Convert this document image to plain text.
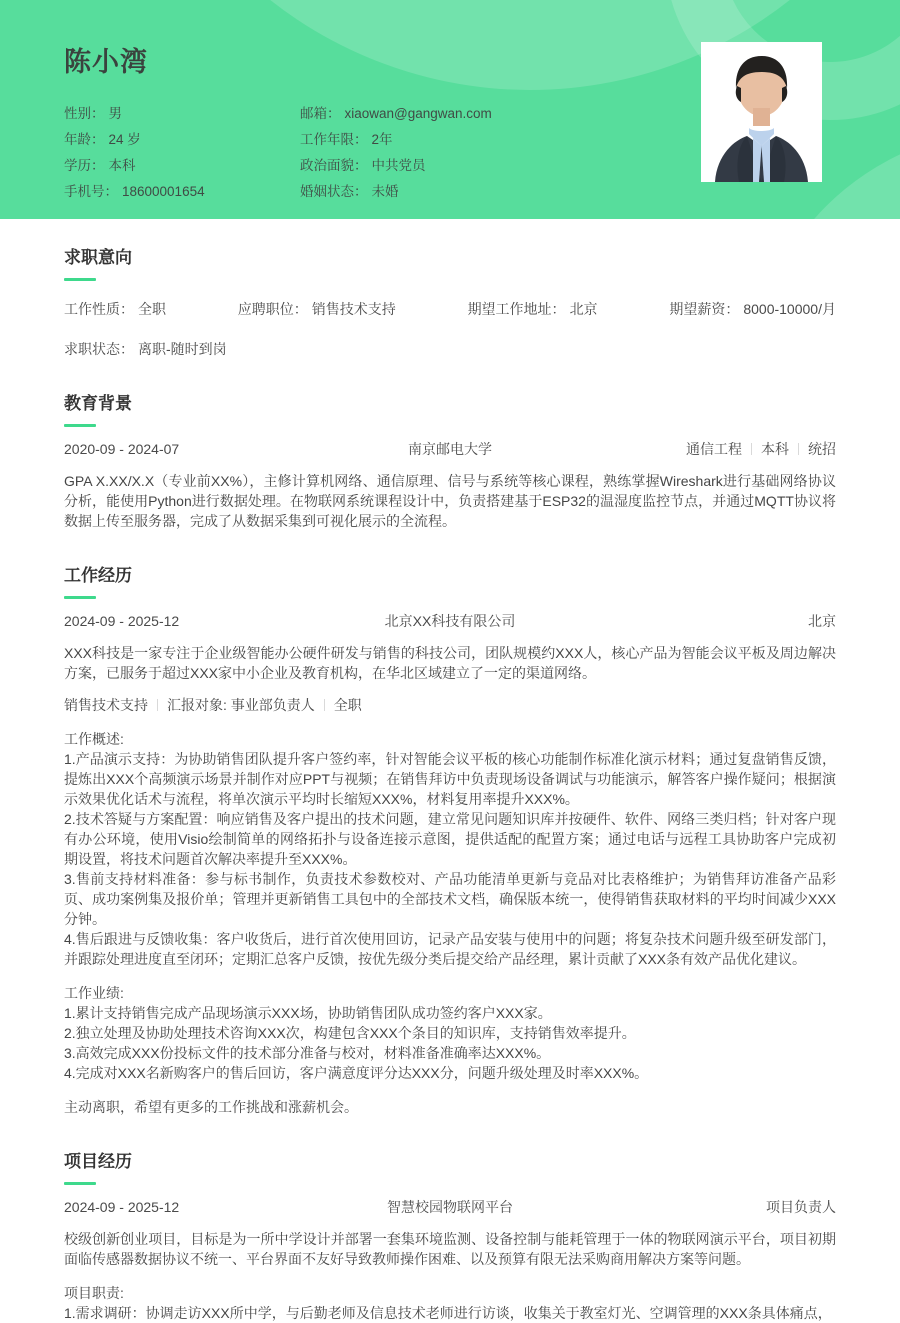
陈小湾
性别： 男
年龄： 24 岁
学历： 本科
手机号： 18600001654
邮箱： xiaowan@gangwan.com
工作年限： 2年
政治面貌： 中共党员
婚姻状态： 未婚
求职意向
工作性质： 全职	应聘职位： 销售技术支持	期望工作地址： 北京	期望薪资： 8000-10000/月
求职状态： 离职-随时到岗
教育背景
2020-09 - 2024-07	南京邮电大学	通信工程 本科 统招
GPA X.XX/X.X（专业前XX%），主修计算机网络、通信原理、信号与系统等核心课程，熟练掌握Wireshark进行基础网络协议分析，能使用Python进行数据处理。在物联网系统课程设计中，负责搭建基于ESP32的温湿度监控节点，并通过MQTT协议将数据上传至服务器，完成了从数据采集到可视化展示的全流程。
工作经历
2024-09 - 2025-12	北京XX科技有限公司	北京
XXX科技是一家专注于企业级智能办公硬件研发与销售的科技公司，团队规模约XXX人，核心产品为智能会议平板及周边解决方案，已服务于超过XXX家中小企业及教育机构，在华北区域建立了一定的渠道网络。
销售技术支持 汇报对象: 事业部负责人 全职
工作概述:
1.产品演示支持：为协助销售团队提升客户签约率，针对智能会议平板的核心功能制作标准化演示材料；通过复盘销售反馈，提炼出XXX个高频演示场景并制作对应PPT与视频；在销售拜访中负责现场设备调试与功能演示，解答客户操作疑问；根据演示效果优化话术与流程，将单次演示平均时长缩短XXX%，材料复用率提升XXX%。
2.技术答疑与方案配置：响应销售及客户提出的技术问题，建立常见问题知识库并按硬件、软件、网络三类归档；针对客户现有办公环境，使用Visio绘制简单的网络拓扑与设备连接示意图，提供适配的配置方案；通过电话与远程工具协助客户完成初期设置，将技术问题首次解决率提升至XXX%。
3.售前支持材料准备：参与标书制作，负责技术参数校对、产品功能清单更新与竞品对比表格维护；为销售拜访准备产品彩页、成功案例集及报价单；管理并更新销售工具包中的全部技术文档，确保版本统一，使得销售获取材料的平均时间减少XXX分钟。
4.售后跟进与反馈收集：客户收货后，进行首次使用回访，记录产品安装与使用中的问题；将复杂技术问题升级至研发部门，并跟踪处理进度直至闭环；定期汇总客户反馈，按优先级分类后提交给产品经理，累计贡献了XXX条有效产品优化建议。
工作业绩:
1.累计支持销售完成产品现场演示XXX场，协助销售团队成功签约客户XXX家。
2.独立处理及协助处理技术咨询XXX次，构建包含XXX个条目的知识库，支持销售效率提升。
3.高效完成XXX份投标文件的技术部分准备与校对，材料准备准确率达XXX%。
4.完成对XXX名新购客户的售后回访，客户满意度评分达XXX分，问题升级处理及时率XXX%。
主动离职，希望有更多的工作挑战和涨薪机会。
项目经历
2024-09 - 2025-12	智慧校园物联网平台	项目负责人
校级创新创业项目，目标是为一所中学设计并部署一套集环境监测、设备控制与能耗管理于一体的物联网演示平台，项目初期面临传感器数据协议不统一、平台界面不友好导致教师操作困难、以及预算有限无法采购商用解决方案等问题。
项目职责:
1.需求调研：协调走访XXX所中学，与后勤老师及信息技术老师进行访谈，收集关于教室灯光、空调管理的XXX条具体痛点，
